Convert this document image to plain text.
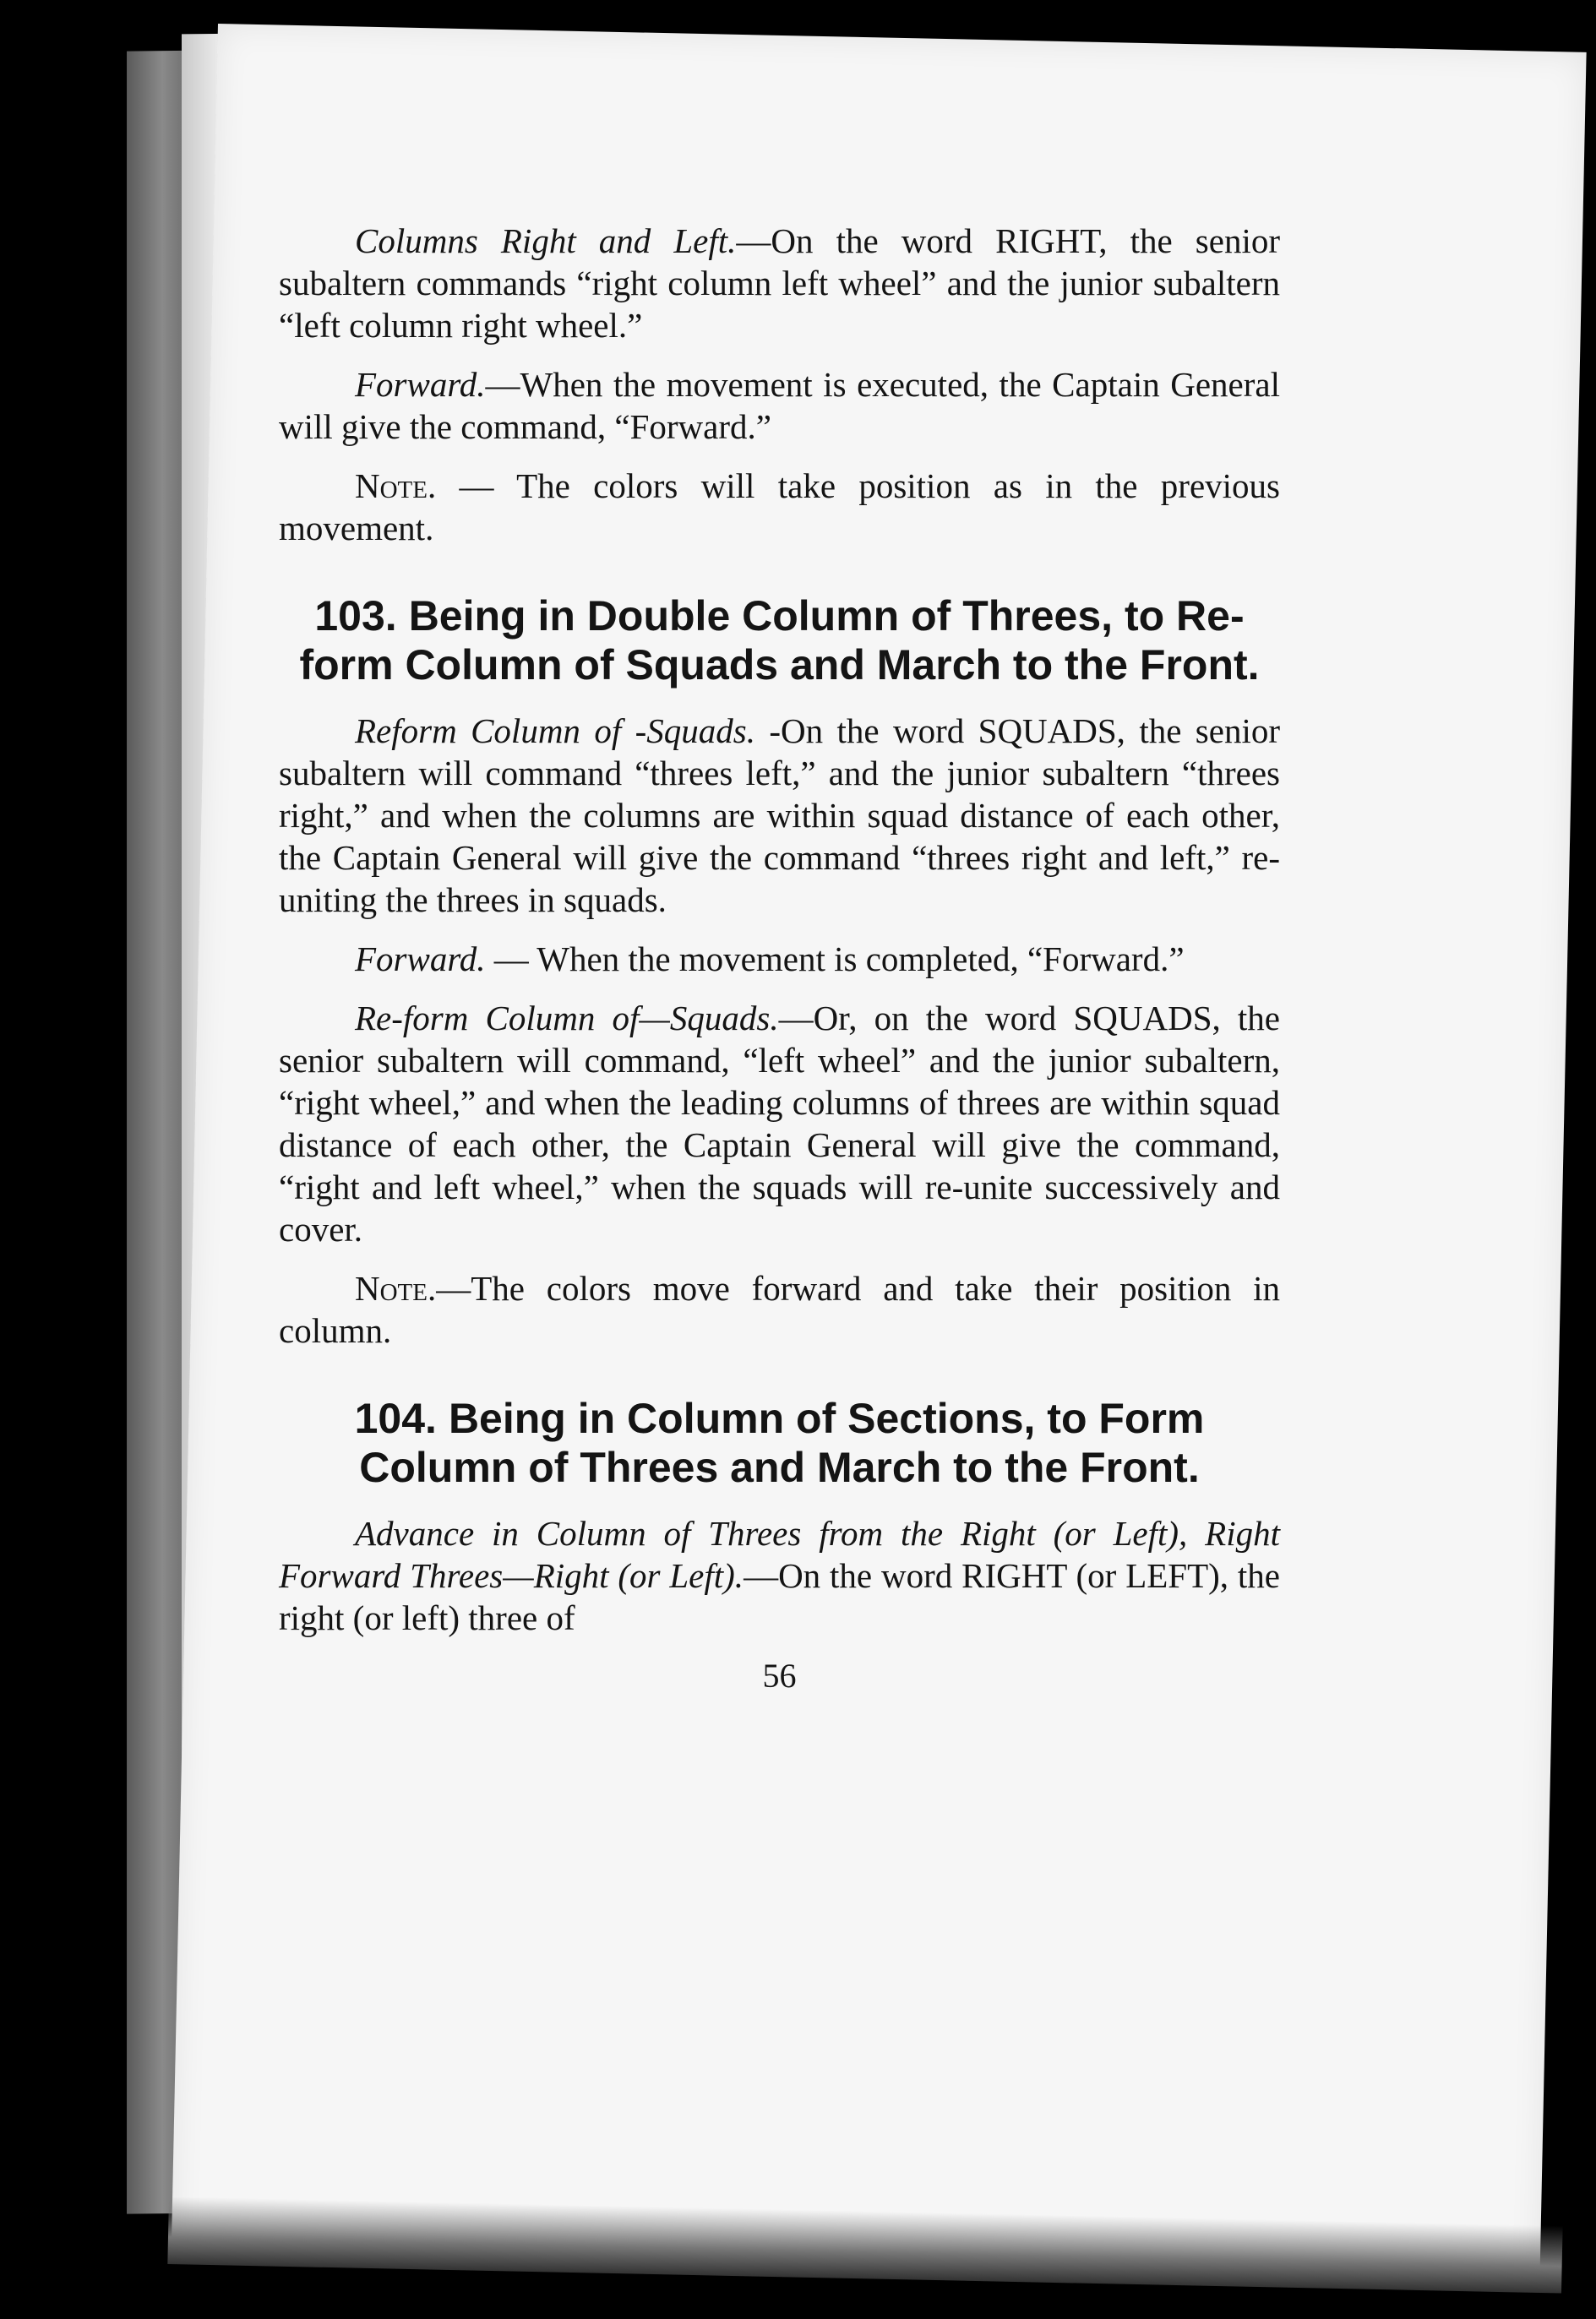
Columns Right and Left.—On the word RIGHT, the senior subaltern commands “right column left wheel” and the junior subaltern “left column right wheel.”

Forward.—When the movement is executed, the Captain General will give the command, “Forward.”

Note. — The colors will take position as in the previous movement.

103. Being in Double Column of Threes, to Re-form Column of Squads and March to the Front.

Reform Column of -Squads. -On the word SQUADS, the senior subaltern will command “threes left,” and the junior subaltern “threes right,” and when the columns are within squad distance of each other, the Captain General will give the command “threes right and left,” re-uniting the threes in squads.

Forward. — When the movement is completed, “Forward.”

Re-form Column of—Squads.—Or, on the word SQUADS, the senior subaltern will command, “left wheel” and the junior subaltern, “right wheel,” and when the leading columns of threes are within squad distance of each other, the Captain General will give the command, “right and left wheel,” when the squads will re-unite successively and cover.

Note.—The colors move forward and take their position in column.

104. Being in Column of Sections, to Form Column of Threes and March to the Front.

Advance in Column of Threes from the Right (or Left), Right Forward Threes—Right (or Left).—On the word RIGHT (or LEFT), the right (or left) three of

56
